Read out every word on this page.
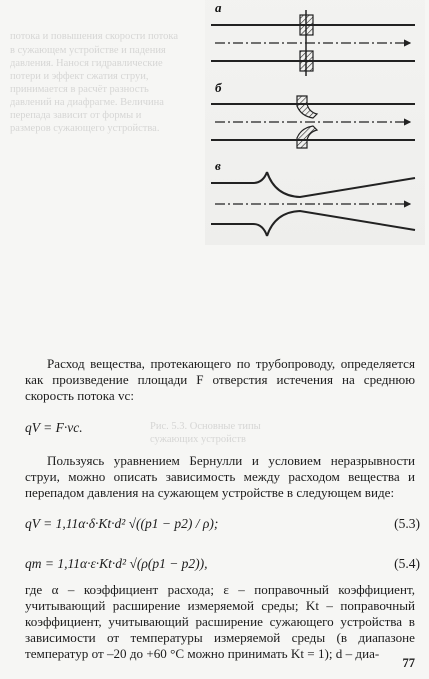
потока и повышения скорости потока
в сужающем устройстве и падения
давления. Нанося гидравлические
потери и эффект сжатия струи,
принимается в расчёт разность
давлений на диафрагме. Величина
перепада зависит от формы и
размеров сужающего устройства.
а
б
в
Рис. 5.3. Основные типы
сужающих устройств
Расход вещества, протекающего по трубопроводу, определяется как произведение площади F отверстия истечения на среднюю скорость потока vc:
qV = F·vc.
Пользуясь уравнением Бернулли и условием неразрывности струи, можно описать зависимость между расходом вещества и перепадом давления на сужающем устройстве в следующем виде:
qV = 1,11α·δ·Kt·d² √((p1 − p2) / ρ);	(5.3)
qm = 1,11α·ε·Kt·d² √(ρ(p1 − p2)),	(5.4)
где α – коэффициент расхода; ε – поправочный коэффициент, учитывающий расширение измеряемой среды; Kt – поправочный коэффициент, учитывающий расширение сужающего устройства в зависимости от температуры измеряемой среды (в диапазоне температур от –20 до +60 °С можно принимать Kt = 1); d – диа-
77
